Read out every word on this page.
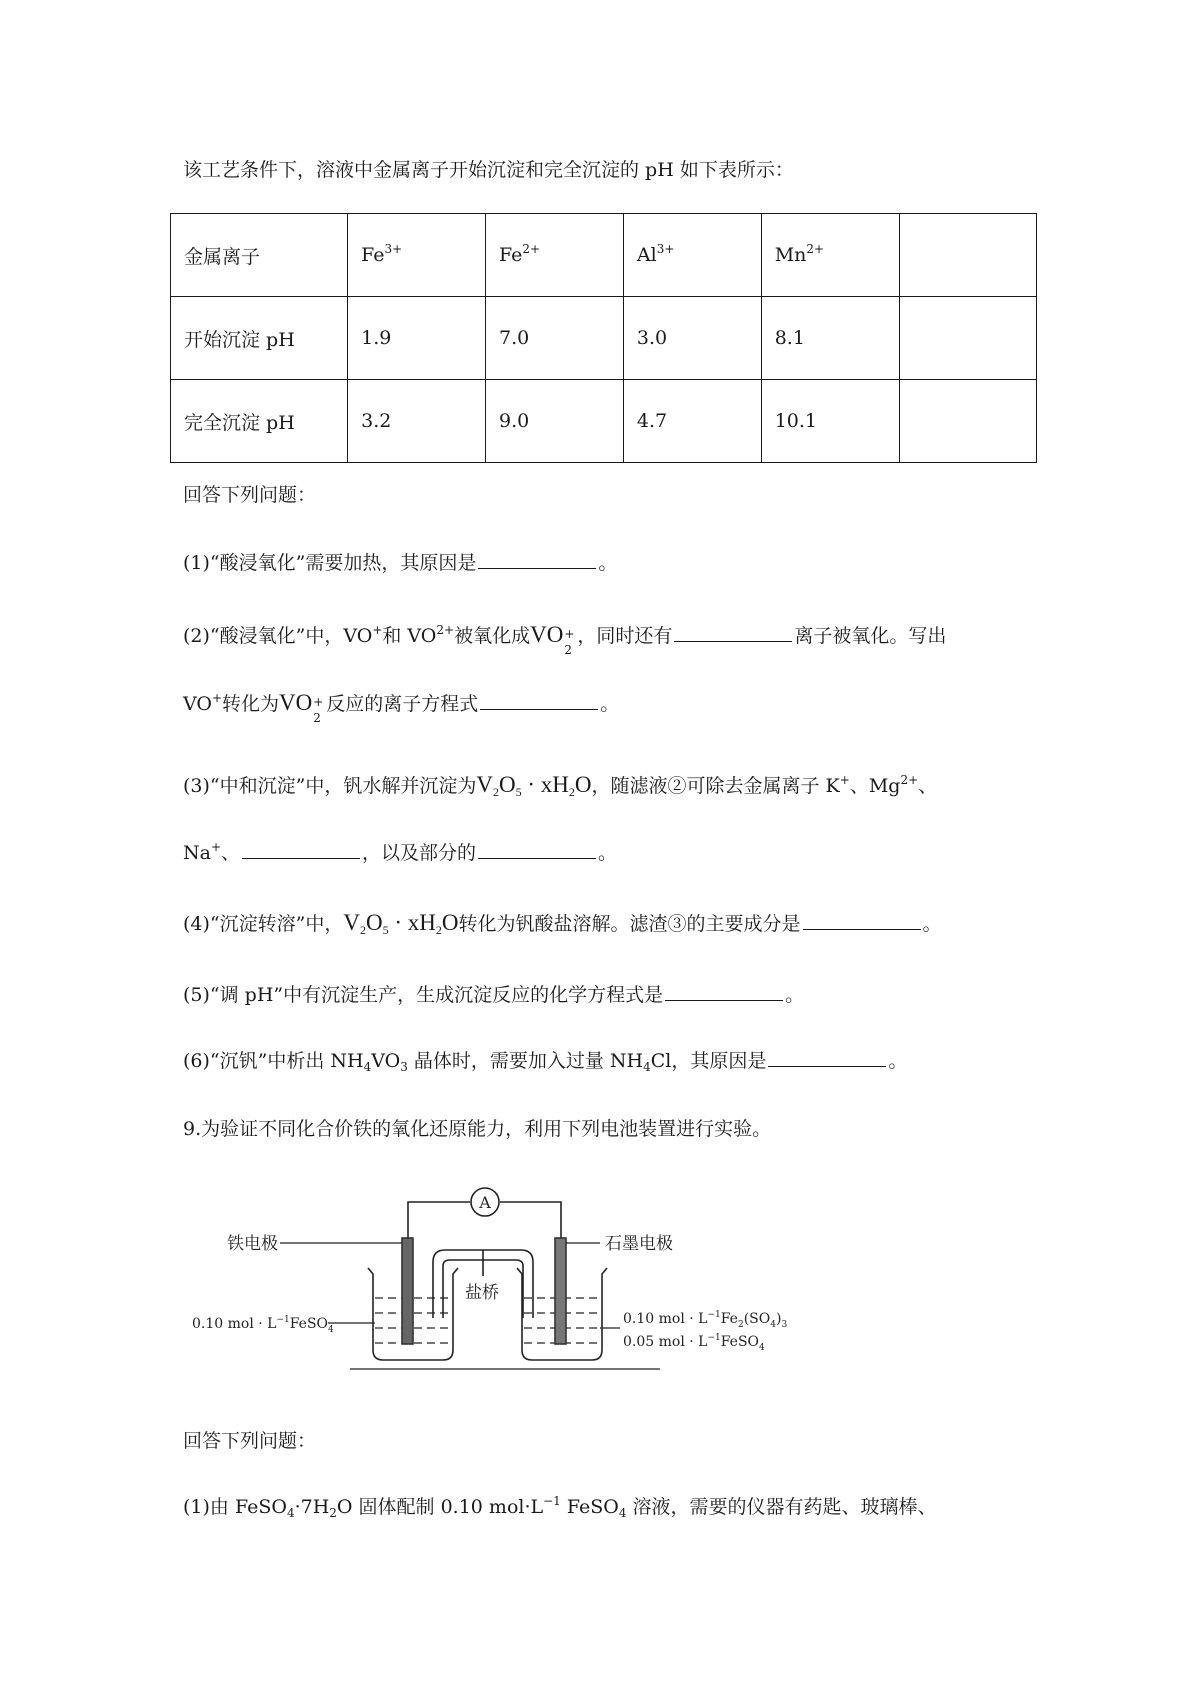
该工艺条件下，溶液中金属离子开始沉淀和完全沉淀的 pH 如下表所示：
金属离子	$Fe^{3+}$	$Fe^{2+}$	$Al^{3+}$	$Mn^{2+}$	
开始沉淀 pH	1.9	7.0	3.0	8.1	
完全沉淀 pH	3.2	9.0	4.7	10.1	
回答下列问题：
(1)“酸浸氧化”需要加热，其原因是	。
(2)“酸浸氧化”中，VO+和 $VO^{2+}$被氧化成VO +
2
，同时还有	离子被氧化。写出
VO+转化为VO +
2
反应的离子方程式	。
(3)“中和沉淀”中，钒水解并沉淀为$V_2O_5 \cdot xH_2O$，随滤液②可除去金属离子 K+、$Mg^{2+}$、
Na+、	，以及部分的	。
(4)“沉淀转溶”中，$V_2O_5 \cdot xH_2O$转化为钒酸盐溶解。滤渣③的主要成分是	。
(5)“调 pH”中有沉淀生产，生成沉淀反应的化学方程式是	。
(6)“沉钒”中析出 $NH_4VO_3$ 晶体时，需要加入过量 $NH_4Cl$，其原因是	。
9.为验证不同化合价铁的氧化还原能力，利用下列电池装置进行实验。
A
铁电极	石墨电极
盐桥
0.10 mol · $L^{-1}FeSO_4$
0.10 mol · $L^{-1}Fe_2(SO_4)_3$
0.05 mol · $L^{-1}FeSO_4$
回答下列问题：
(1)由 $FeSO_4\cdot 7H_2O$ 固体配制 0.10 $mol\cdot L^{-1}$ FeSO$_4$ 溶液，需要的仪器有药匙、玻璃棒、
